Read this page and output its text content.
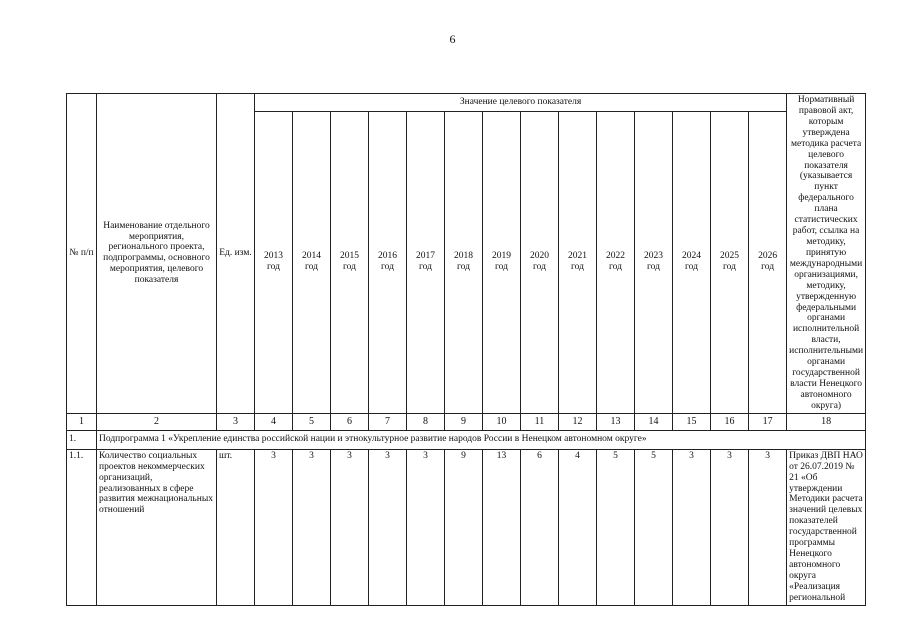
6
№ п/п	Наименование отдельного мероприятия, регионального проекта, подпрограммы, основного мероприятия, целевого показателя	Ед. изм.	Значение целевого показателя														Нормативный правовой акт, которым утверждена методика расчета целевого показателя (указывается пункт федерального плана статистических работ, ссылка на методику, принятую международными организациями, методику, утвержденную федеральными органами исполнительной власти, исполнительными органами государственной власти Ненецкого автономного округа)
			2013 год	2014 год	2015 год	2016 год	2017 год	2018 год	2019 год	2020 год	2021 год	2022 год	2023 год	2024 год	2025 год	2026 год	
1	2	3	4	5	6	7	8	9	10	11	12	13	14	15	16	17	18
1.	Подпрограмма 1 «Укрепление единства российской нации и этнокультурное развитие народов России в Ненецком автономном округе»																
1.1.	Количество социальных проектов некоммерческих организаций, реализованных в сфере развития межнациональных отношений	шт.	3	3	3	3	3	9	13	6	4	5	5	3	3	3	Приказ ДВП НАО от 26.07.2019 № 21 «Об утверждении Методики расчета значений целевых показателей государственной программы Ненецкого автономного округа «Реализация региональной
